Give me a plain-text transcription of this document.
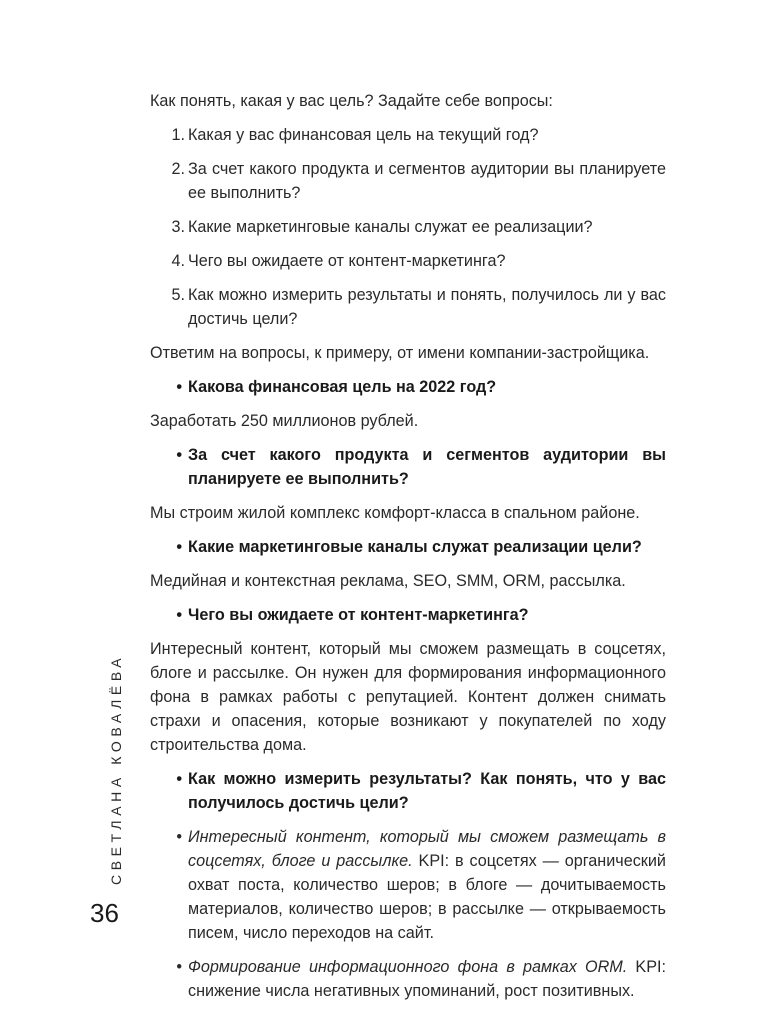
Как понять, какая у вас цель? Задайте себе вопросы:

1. Какая у вас финансовая цель на текущий год?
2. За счет какого продукта и сегментов аудитории вы планируете ее выполнить?
3. Какие маркетинговые каналы служат ее реализации?
4. Чего вы ожидаете от контент-маркетинга?
5. Как можно измерить результаты и понять, получилось ли у вас достичь цели?

Ответим на вопросы, к примеру, от имени компании-застройщика.

• Какова финансовая цель на 2022 год?

Заработать 250 миллионов рублей.

• За счет какого продукта и сегментов аудитории вы планируете ее выполнить?

Мы строим жилой комплекс комфорт-класса в спальном районе.

• Какие маркетинговые каналы служат реализации цели?

Медийная и контекстная реклама, SEO, SMM, ORM, рассылка.

• Чего вы ожидаете от контент-маркетинга?

Интересный контент, который мы сможем размещать в соцсетях, блоге и рассылке. Он нужен для формирования информационного фона в рамках работы с репутацией. Контент должен снимать страхи и опасения, которые возникают у покупателей по ходу строительства дома.

• Как можно измерить результаты? Как понять, что у вас получилось достичь цели?
• Интересный контент, который мы сможем размещать в соцсетях, блоге и рассылке. KPI: в соцсетях — органический охват поста, количество шеров; в блоге — дочитываемость материалов, количество шеров; в рассылке — открываемость писем, число переходов на сайт.
• Формирование информационного фона в рамках ORM. KPI: снижение числа негативных упоминаний, рост позитивных.
СВЕТЛАНА КОВАЛЁВА
36
